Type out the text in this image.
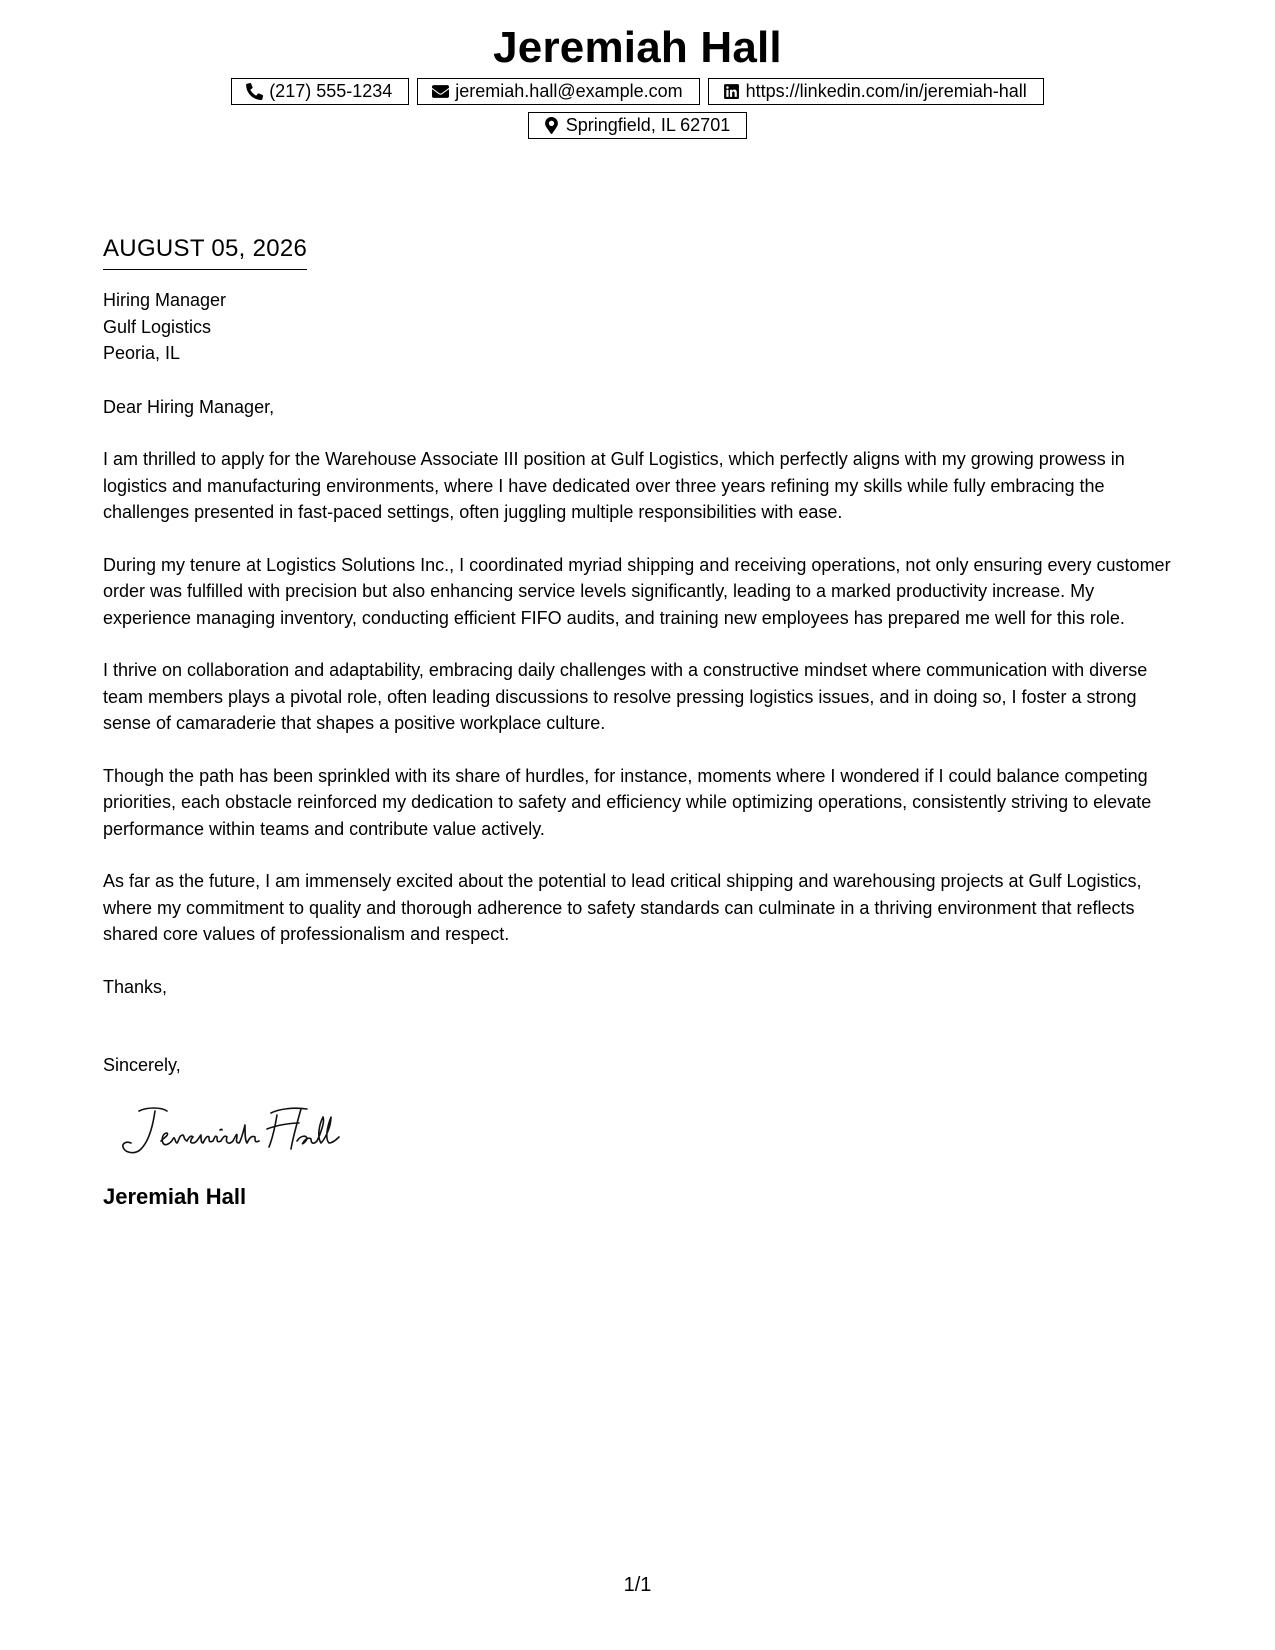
Jeremiah Hall
(217) 555-1234	jeremiah.hall@example.com	https://linkedin.com/in/jeremiah-hall
Springfield, IL 62701
AUGUST 05, 2026
Hiring Manager
Gulf Logistics
Peoria, IL
Dear Hiring Manager,
I am thrilled to apply for the Warehouse Associate III position at Gulf Logistics, which perfectly aligns with my growing prowess in logistics and manufacturing environments, where I have dedicated over three years refining my skills while fully embracing the challenges presented in fast-paced settings, often juggling multiple responsibilities with ease.
During my tenure at Logistics Solutions Inc., I coordinated myriad shipping and receiving operations, not only ensuring every customer order was fulfilled with precision but also enhancing service levels significantly, leading to a marked productivity increase. My experience managing inventory, conducting efficient FIFO audits, and training new employees has prepared me well for this role.
I thrive on collaboration and adaptability, embracing daily challenges with a constructive mindset where communication with diverse team members plays a pivotal role, often leading discussions to resolve pressing logistics issues, and in doing so, I foster a strong sense of camaraderie that shapes a positive workplace culture.
Though the path has been sprinkled with its share of hurdles, for instance, moments where I wondered if I could balance competing priorities, each obstacle reinforced my dedication to safety and efficiency while optimizing operations, consistently striving to elevate performance within teams and contribute value actively.
As far as the future, I am immensely excited about the potential to lead critical shipping and warehousing projects at Gulf Logistics, where my commitment to quality and thorough adherence to safety standards can culminate in a thriving environment that reflects shared core values of professionalism and respect.
Thanks,
Sincerely,
Jeremiah Hall
1/1
